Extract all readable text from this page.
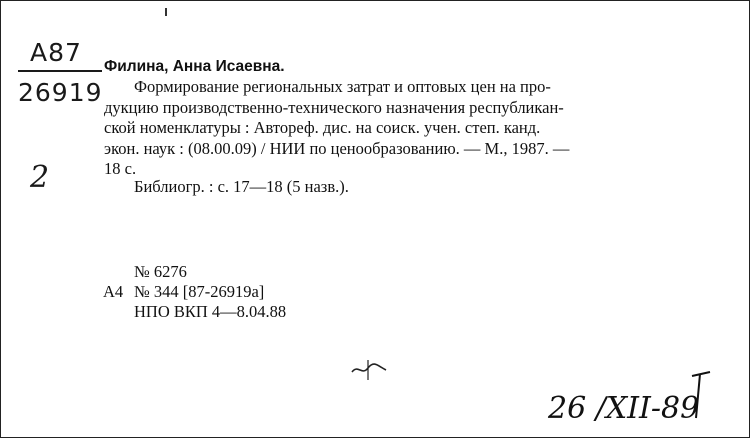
A87
26919
2
Филина, Анна Исаевна.
Формирование региональных затрат и оптовых цен на про-
дукцию производственно-технического назначения республикан-
ской номенклатуры : Автореф. дис. на соиск. учен. степ. канд.
экон. наук : (08.00.09) / НИИ по ценообразованию. — М., 1987. —
18 с.
Библиогр. : с. 17—18 (5 назв.).
№ 6276
А4 № 344 [87-26919а]
НПО ВКП 4—8.04.88
26 /XII-89
